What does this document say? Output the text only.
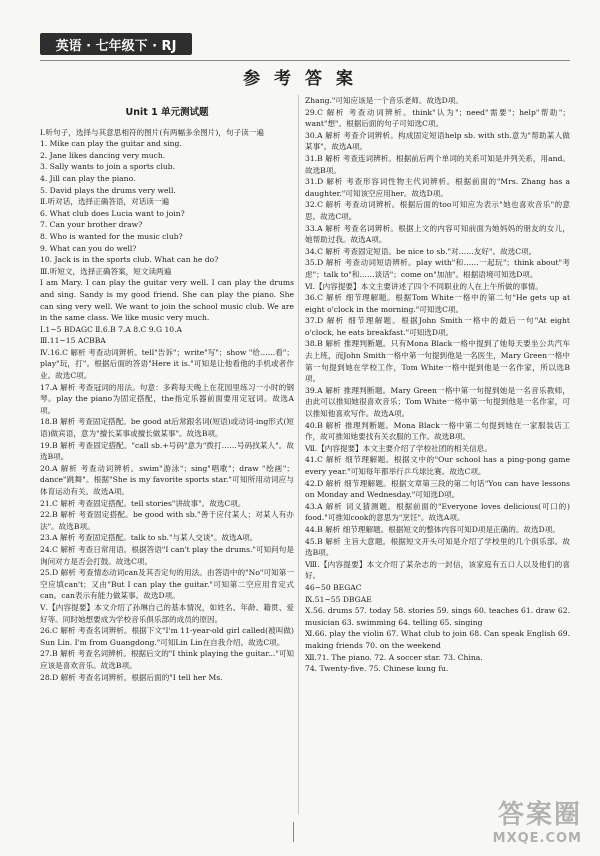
英语 · 七年级下 · RJ
参 考 答 案

Unit 1 单元测试题

Ⅰ.听句子，选择与其意思相符的图片(有两幅多余图片)，句子读一遍

1. Mike can play the guitar and sing.

2. Jane likes dancing very much.

3. Sally wants to join a sports club.

4. Jill can play the piano.

5. David plays the drums very well.

Ⅱ.听对话，选择正确答语，对话读一遍

6. What club does Lucia want to join?

7. Can your brother draw?

8. Who is wanted for the music club?

9. What can you do well?

10. Jack is in the sports club. What can he do?

Ⅲ.听短文，选择正确答案，短文读两遍

I am Mary. I can play the guitar very well. I can play the drums and sing. Sandy is my good friend. She can play the piano. She can sing very well. We want to join the school music club. We are in the same class. We like music very much.

Ⅰ.1~5 BDAGC Ⅱ.6.B 7.A 8.C 9.G 10.A

Ⅲ.11~15 ACBBA

Ⅳ.16.C 解析 考查动词辨析。tell"告诉"；write"写"；show "给……看"；play"玩，打"。根据后面的答语"Here it is."可知是让他看他的手机或者作业。故选C项。

17.A 解析 考查冠词的用法。句意：多莉每天晚上在花园里练习一小时的钢琴。play the piano为固定搭配，the指定乐器前面要用定冠词。故选A项。

18.B 解析 考查固定搭配。be good at后常跟名词(短语)或动词-ing形式(短语)做宾语，意为"擅长某事或擅长做某事"。故选B项。

19.B 解析 考查固定搭配。"call sb.+号码"意为"拨打……号码找某人"。故选B项。

20.A 解析 考查动词辨析。swim"游泳"；sing"唱歌"；draw "绘画"；dance"跳舞"。根据"She is my favorite sports star."可知所用动词应与体育运动有关。故选A项。

21.C 解析 考查固定搭配。tell stories"讲故事"。故选C项。

22.B 解析 考查固定搭配。be good with sb."善于应付某人；对某人有办法"。故选B项。

23.A 解析 考查固定搭配。talk to sb."与某人交谈"。故选A项。

24.C 解析 考查日常用语。根据答语"I can't play the drums."可知问句是询问对方是否会打鼓。故选C项。

25.D 解析 考查情态动词can及其否定句的用法。由答语中的"No"可知第一空应填can't；又由"But I can play the guitar."可知第二空应用肯定式can。can表示有能力做某事。故选D项。

Ⅴ.【内容提要】本文介绍了孙琳自己的基本情况，如姓名、年龄、籍贯、爱好等。同时她想要成为学校音乐俱乐部的成员的原因。

26.C 解析 考查名词辨析。根据下文"I'm 11-year-old girl called(被叫做) Sun Lin. I'm from Guangdong."可知Lin Lin在自我介绍。故选C项。

27.B 解析 考查名词辨析。根据后文的"I think playing the guitar..."可知应该是喜欢音乐。故选B项。

28.D 解析 考查名词辨析。根据后面的"I tell her Ms.

Zhang."可知应该是一个音乐老师。故选D项。

29.C 解析 考查动词辨析。think"认为"；need"需要"；help"帮助"；want"想"。根据后面的句子可知选C项。

30.A 解析 考查介词辨析。构成固定短语help sb. with sth.意为"帮助某人做某事"。故选A项。

31.B 解析 考查连词辨析。根据前后两个单词的关系可知是并列关系，用and。故选B项。

31.D 解析 考查形容词性物主代词辨析。根据前面的"Mrs. Zhang has a daughter."可知该空应用her。故选D项。

32.C 解析 考查动词辨析。根据后面的too可知应为表示"她也喜欢音乐"的意思。故选C项。

33.A 解析 考查名词辨析。根据上文的内容可知前面为她妈妈的朋友的女儿，她帮助过我。故选A项。

34.C 解析 考查固定短语。be nice to sb."对……友好"。故选C项。

35.D 解析 考查动词短语辨析。play with"和……一起玩"；think about"考虑"；talk to"和……谈话"；come on"加油"。根据语境可知选D项。

Ⅵ.【内容提要】本文主要讲述了四个不同职业的人在上午所做的事情。

36.C 解析 细节理解题。根据Tom White一格中的第二句"He gets up at eight o'clock in the morning."可知选C项。

37.D 解析 细节理解题。根据John Smith一格中的最后一句"At eight o'clock, he eats breakfast."可知选D项。

38.B 解析 推理判断题。只有Mona Black一格中提到了她每天要坐公共汽车去上班，而John Smith一格中第一句提到他是一名医生，Mary Green一格中第一句提到她在学校工作，Tom White一格中提到他是一名作家，所以选B项。

39.A 解析 推理判断题。Mary Green一格中第一句提到她是一名音乐教师，由此可以推知她很喜欢音乐；Tom White一格中第一句提到他是一名作家，可以推知他喜欢写作。故选A项。

40.B 解析 推理判断题。Mona Black一格中第二句提到她在一家服装店工作，故可推知她要找有关衣服的工作。故选B项。

Ⅶ.【内容提要】本文主要介绍了学校社团的相关信息。

41.C 解析 细节理解题。根据文中的"Our school has a ping-pong game every year."可知每年都举行乒乓球比赛。故选C项。

42.D 解析 细节理解题。根据文章第三段的第二句话"You can have lessons on Monday and Wednesday."可知选D项。

43.A 解析 词义猜测题。根据前面的"Everyone loves delicious(可口的) food."可推知cook的意思为"烹饪"。故选A项。

44.B 解析 细节理解题。根据短文的整体内容可知D项是正确的。故选D项。

45.B 解析 主旨大意题。根据短文开头可知是介绍了学校里的几个俱乐部。故选B项。

Ⅷ.【内容提要】本文介绍了某杂志的一封信，该家庭有五口人以及他们的喜好。

46~50 BEGAC

Ⅸ.51~55 DBGAE

Ⅹ.56. drums 57. today 58. stories 59. sings 60. teaches 61. draw 62. musician 63. swimming 64. telling 65. singing

Ⅺ.66. play the violin 67. What club to join 68. Can speak English 69. making friends 70. on the weekend

Ⅻ.71. The piano. 72. A soccer star. 73. China.

74. Twenty-five. 75. Chinese kung fu.

答案圈
MXQE.COM
